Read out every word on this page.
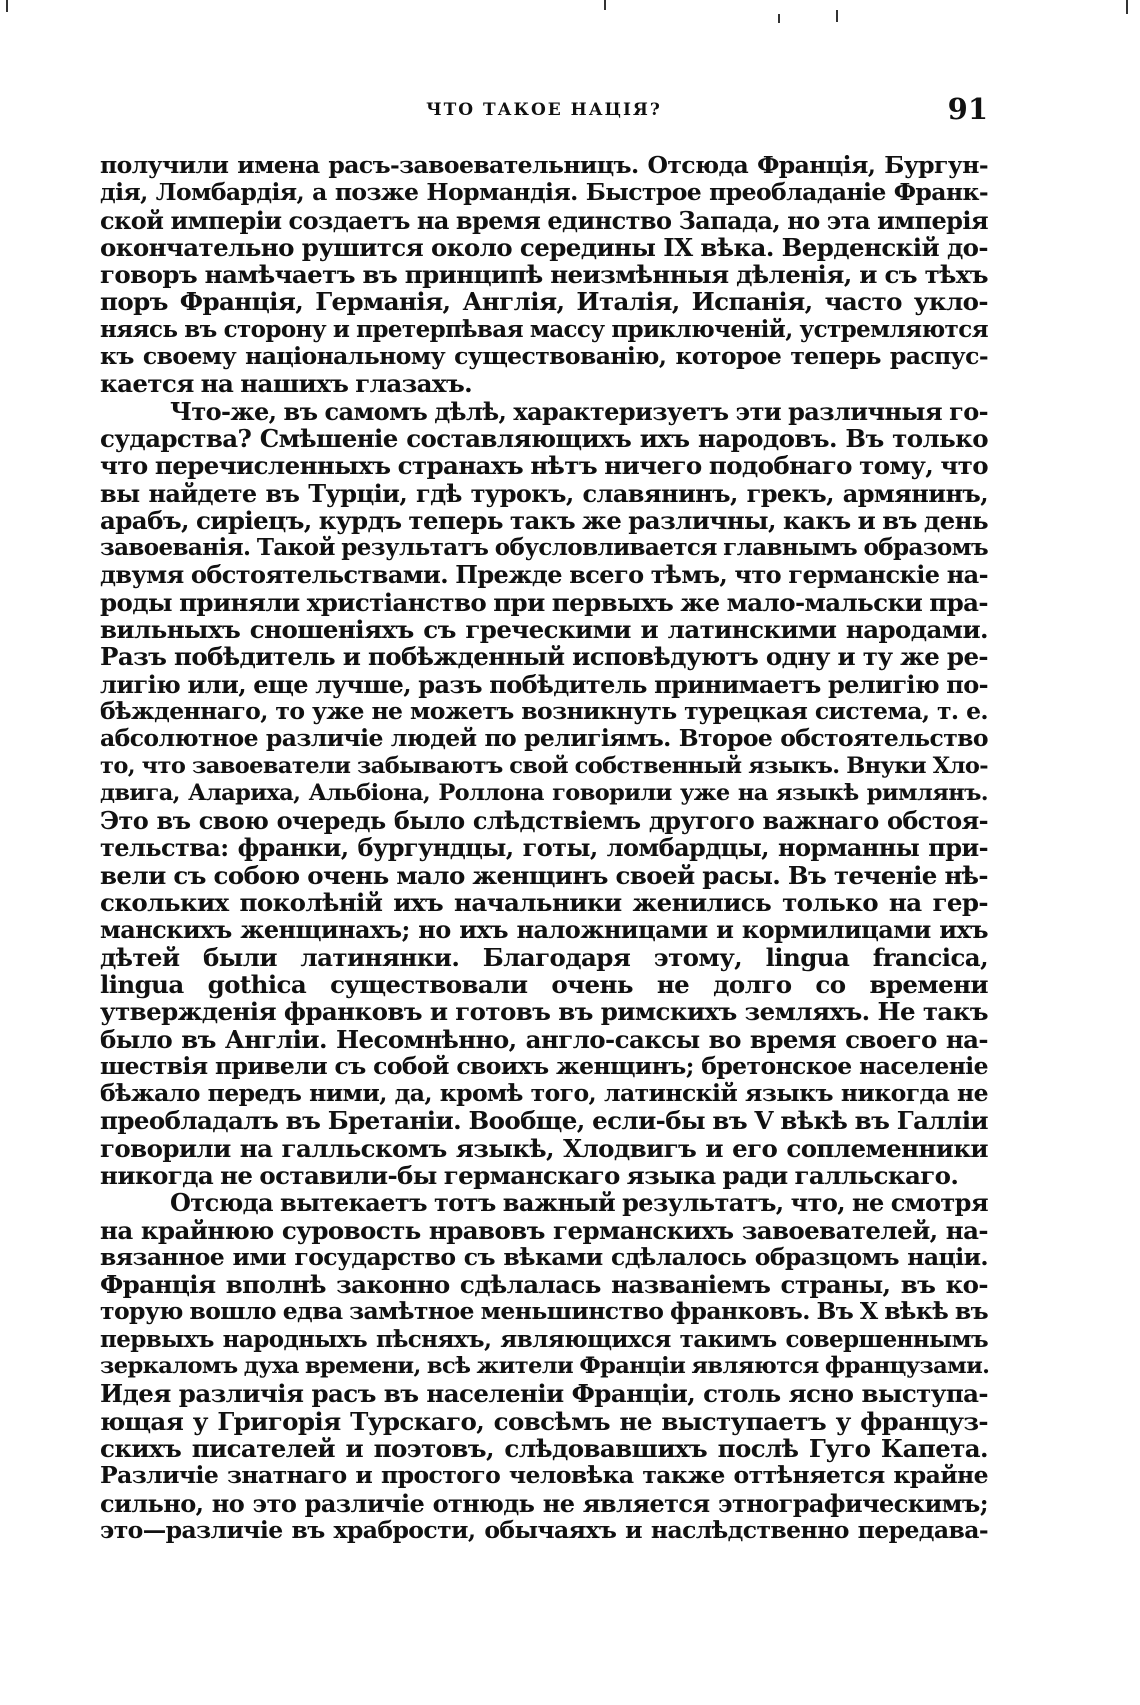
ЧТО ТАКОЕ НАЦІЯ?	91
получили имена расъ-завоевательницъ. Отсюда Францiя, Бургун-
дія, Ломбардія, а позже Нормандія. Быстрое преобладаніе Франк-
ской имперіи создаетъ на время единство Запада, но эта имперія
окончательно рушится около середины IX вѣка. Верденскій до-
говоръ намѣчаетъ въ принципѣ неизмѣнныя дѣленія, и съ тѣхъ
поръ Францiя, Германiя, Англiя, Италiя, Испанiя, часто укло-
няясь въ сторону и претерпѣвая массу приключеній, устремляются
къ своему національному существованію, которое теперь распус-
кается на нашихъ глазахъ.
Что-же, въ самомъ дѣлѣ, характеризуетъ эти различныя го-
сударства? Смѣшеніе составляющихъ ихъ народовъ. Въ только
что перечисленныхъ странахъ нѣтъ ничего подобнаго тому, что
вы найдете въ Турціи, гдѣ турокъ, славянинъ, грекъ, армянинъ,
арабъ, сиріецъ, курдъ теперь такъ же различны, какъ и въ день
завоеванія. Такой результатъ обусловливается главнымъ образомъ
двумя обстоятельствами. Прежде всего тѣмъ, что германскіе на-
роды приняли христіанство при первыхъ же мало-мальски пра-
вильныхъ сношеніяхъ съ греческими и латинскими народами.
Разъ побѣдитель и побѣжденный исповѣдуютъ одну и ту же ре-
лигію или, еще лучше, разъ побѣдитель принимаетъ религію по-
бѣжденнаго, то уже не можетъ возникнуть турецкая система, т. е.
абсолютное различіе людей по религіямъ. Второе обстоятельство
то, что завоеватели забываютъ свой собственный языкъ. Внуки Хло-
двига, Алариха, Альбіона, Роллона говорили уже на языкѣ римлянъ.
Это въ свою очередь было слѣдствіемъ другого важнаго обстоя-
тельства: франки, бургундцы, готы, ломбардцы, норманны при-
вели съ собою очень мало женщинъ своей расы. Въ теченіе нѣ-
скольких поколѣній ихъ начальники женились только на гер-
манскихъ женщинахъ; но ихъ наложницами и кормилицами ихъ
дѣтей были латинянки. Благодаря этому, lingua francica,
lingua gothica существовали очень не долго со времени
утвержденія франковъ и готовъ въ римскихъ земляхъ. Не такъ
было въ Англіи. Несомнѣнно, англо-саксы во время своего на-
шествія привели съ собой своихъ женщинъ; бретонское населеніе
бѣжало передъ ними, да, кромѣ того, латинскій языкъ никогда не
преобладалъ въ Бретаніи. Вообще, если-бы въ V вѣкѣ въ Галліи
говорили на галльскомъ языкѣ, Хлодвигъ и его соплеменники
никогда не оставили-бы германскаго языка ради галльскаго.
Отсюда вытекаетъ тотъ важный результатъ, что, не смотря
на крайнюю суровость нравовъ германскихъ завоевателей, на-
вязанное ими государство съ вѣками сдѣлалось образцомъ націи.
Франція вполнѣ законно сдѣлалась названіемъ страны, въ ко-
торую вошло едва замѣтное меньшинство франковъ. Въ X вѣкѣ въ
первыхъ народныхъ пѣсняхъ, являющихся такимъ совершеннымъ
зеркаломъ духа времени, всѣ жители Франціи являются французами.
Идея различія расъ въ населеніи Франціи, столь ясно выступа-
ющая у Григорія Турскаго, совсѣмъ не выступаетъ у француз-
скихъ писателей и поэтовъ, слѣдовавшихъ послѣ Гуго Капета.
Различіе знатнаго и простого человѣка также оттѣняется крайне
сильно, но это различіе отнюдь не является этнографическимъ;
это—различіе въ храбрости, обычаяхъ и наслѣдственно передава-
